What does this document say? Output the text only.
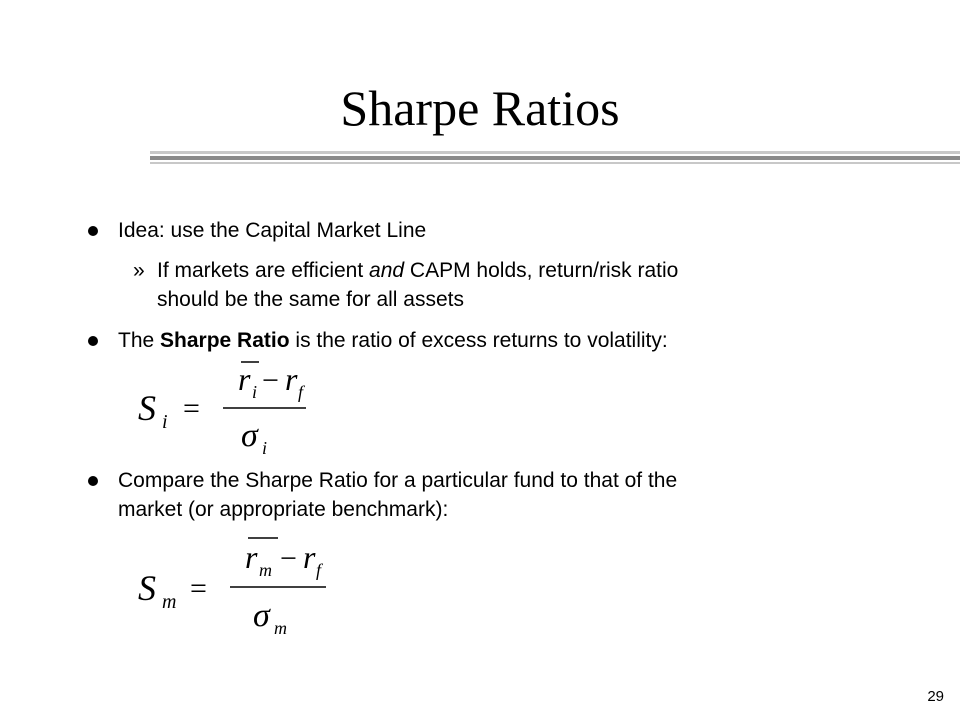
Sharpe Ratios
Idea: use the Capital Market Line
» If markets are efficient and CAPM holds, return/risk ratio
should be the same for all assets
The Sharpe Ratio is the ratio of excess returns to volatility:
S i =
r i − r f
σ i
Compare the Sharpe Ratio for a particular fund to that of the
market (or appropriate benchmark):
S m =
r m − r f
σ m
29
